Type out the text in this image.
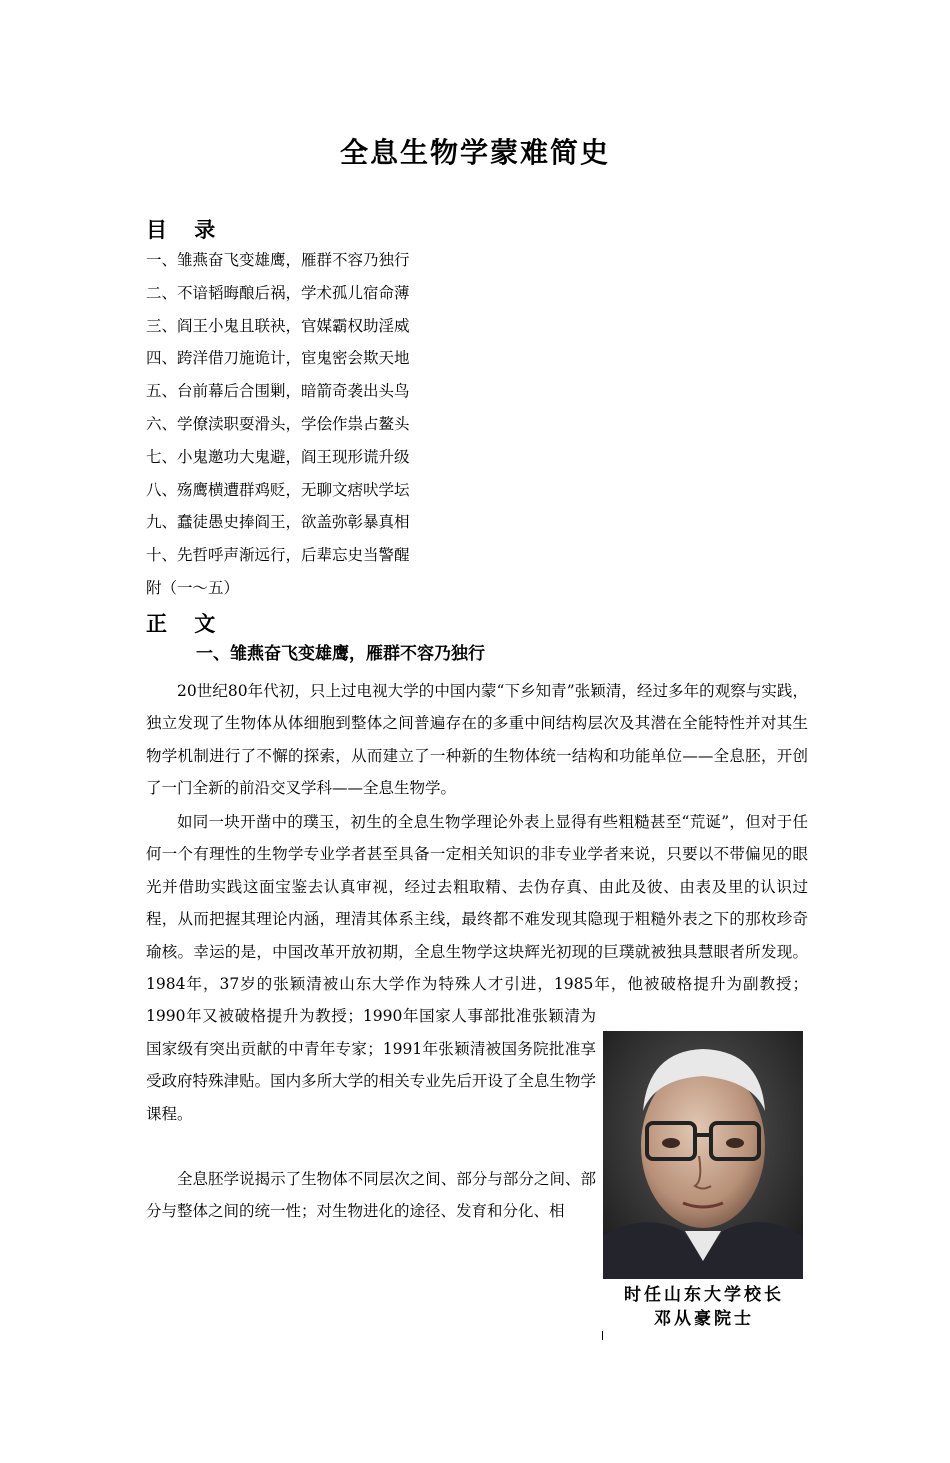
全息生物学蒙难简史
目 录
一、雏燕奋飞变雄鹰，雁群不容乃独行
二、不谙韬晦酿后祸，学术孤儿宿命薄
三、阎王小鬼且联袂，官媒霸权助淫威
四、跨洋借刀施诡计，宦鬼密会欺天地
五、台前幕后合围剿，暗箭奇袭出头鸟
六、学僚渎职耍滑头，学侩作祟占鳌头
七、小鬼邀功大鬼避，阎王现形谎升级
八、殇鹰横遭群鸡贬，无聊文痞吠学坛
九、蠢徒愚史捧阎王，欲盖弥彰暴真相
十、先哲呼声渐远行，后辈忘史当警醒
附（一～五）
正 文
一、雏燕奋飞变雄鹰，雁群不容乃独行

20世纪80年代初，只上过电视大学的中国内蒙“下乡知青”张颖清，经过多年的观察与实践，独立发现了生物体从体细胞到整体之间普遍存在的多重中间结构层次及其潜在全能特性并对其生物学机制进行了不懈的探索，从而建立了一种新的生物体统一结构和功能单位——全息胚，开创了一门全新的前沿交叉学科——全息生物学。

如同一块开凿中的璞玉，初生的全息生物学理论外表上显得有些粗糙甚至“荒诞”，但对于任何一个有理性的生物学专业学者甚至具备一定相关知识的非专业学者来说，只要以不带偏见的眼光并借助实践这面宝鉴去认真审视，经过去粗取精、去伪存真、由此及彼、由表及里的认识过程，从而把握其理论内涵，理清其体系主线，最终都不难发现其隐现于粗糙外表之下的那枚珍奇瑜核。幸运的是，中国改革开放初期，全息生物学这块辉光初现的巨璞就被独具慧眼者所发现。1984年，37岁的张颖清被山东大学作为特殊人才引进，1985年，他被破格提升为副教授；1990年又被破格提升为教授；1990年国家人事部批准张颖清为国家级有突出贡献的中青年专家；1991年张颖清被国务院批准享受政府特殊津贴。国内多所大学的相关专业先后开设了全息生物学课程。

全息胚学说揭示了生物体不同层次之间、部分与部分之间、部分与整体之间的统一性；对生物进化的途径、发育和分化、相

时任山东大学校长
邓从豪院士
